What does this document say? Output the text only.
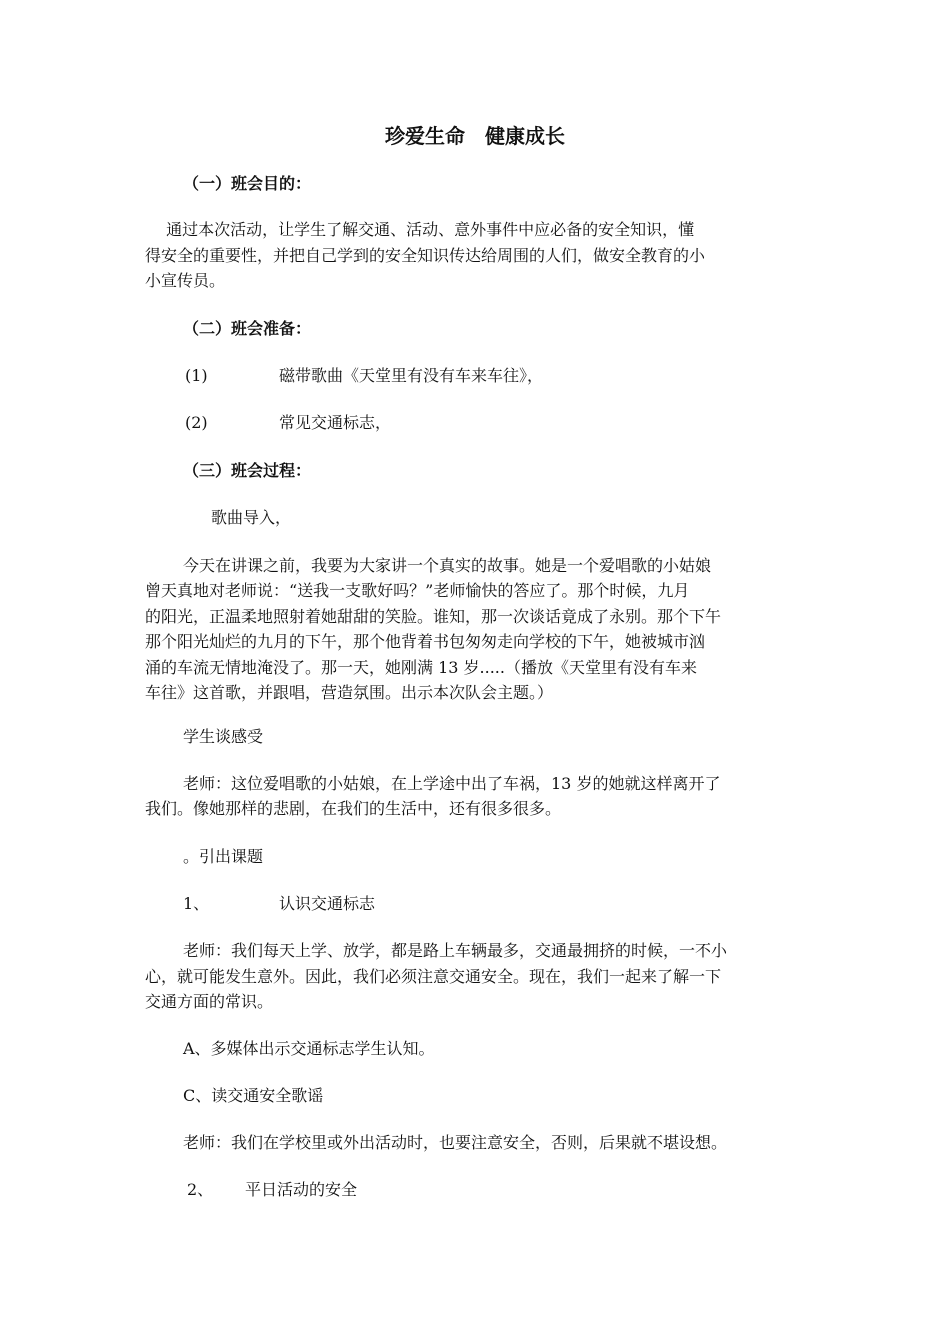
珍爱生命　健康成长
（一）班会目的：
　 通过本次活动，让学生了解交通、活动、意外事件中应必备的安全知识，懂
得安全的重要性，并把自己学到的安全知识传达给周围的人们，做安全教育的小
小宣传员。
（二）班会准备：
(1)	磁带歌曲《天堂里有没有车来车往》，
(2)	常见交通标志，
（三）班会过程：
歌曲导入，
今天在讲课之前，我要为大家讲一个真实的故事。她是一个爱唱歌的小姑娘
曾天真地对老师说：“送我一支歌好吗？”老师愉快的答应了。那个时候，九月
的阳光，正温柔地照射着她甜甜的笑脸。谁知，那一次谈话竟成了永别。那个下午
那个阳光灿烂的九月的下午，那个他背着书包匆匆走向学校的下午，她被城市汹
涌的车流无情地淹没了。那一天，她刚满 13 岁.....（播放《天堂里有没有车来
车往》这首歌，并跟唱，营造氛围。出示本次队会主题。）
学生谈感受
老师：这位爱唱歌的小姑娘，在上学途中出了车祸，13 岁的她就这样离开了
我们。像她那样的悲剧，在我们的生活中，还有很多很多。
。引出课题
1、	认识交通标志
老师：我们每天上学、放学，都是路上车辆最多，交通最拥挤的时候，一不小
心，就可能发生意外。因此，我们必须注意交通安全。现在，我们一起来了解一下
交通方面的常识。
A、多媒体出示交通标志学生认知。
C、读交通安全歌谣
老师：我们在学校里或外出活动时，也要注意安全，否则，后果就不堪设想。
2、 平日活动的安全
